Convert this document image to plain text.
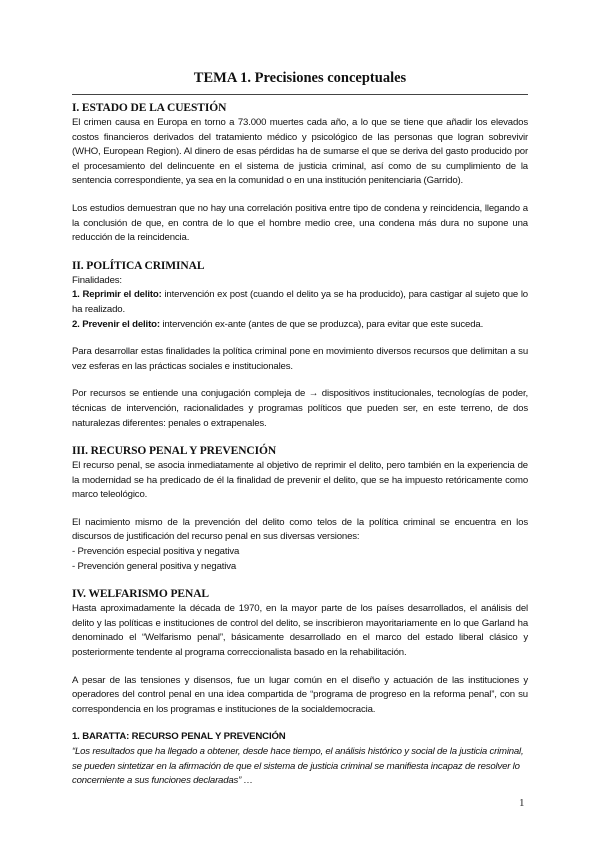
TEMA 1. Precisiones conceptuales
I. ESTADO DE LA CUESTIÓN

El crimen causa en Europa en torno a 73.000 muertes cada año, a lo que se tiene que añadir los elevados costos financieros derivados del tratamiento médico y psicológico de las personas que logran sobrevivir (WHO, European Region). Al dinero de esas pérdidas ha de sumarse el que se deriva del gasto producido por el procesamiento del delincuente en el sistema de justicia criminal, así como de su cumplimiento de la sentencia correspondiente, ya sea en la comunidad o en una institución penitenciaria (Garrido).

Los estudios demuestran que no hay una correlación positiva entre tipo de condena y reincidencia, llegando a la conclusión de que, en contra de lo que el hombre medio cree, una condena más dura no supone una reducción de la reincidencia.

II. POLÍTICA CRIMINAL

Finalidades:

1. Reprimir el delito: intervención ex post (cuando el delito ya se ha producido), para castigar al sujeto que lo ha realizado.

2. Prevenir el delito: intervención ex-ante (antes de que se produzca), para evitar que este suceda.

Para desarrollar estas finalidades la política criminal pone en movimiento diversos recursos que delimitan a su vez esferas en las prácticas sociales e institucionales.

Por recursos se entiende una conjugación compleja de → dispositivos institucionales, tecnologías de poder, técnicas de intervención, racionalidades y programas políticos que pueden ser, en este terreno, de dos naturalezas diferentes: penales o extrapenales.

III. RECURSO PENAL Y PREVENCIÓN

El recurso penal, se asocia inmediatamente al objetivo de reprimir el delito, pero también en la experiencia de la modernidad se ha predicado de él la finalidad de prevenir el delito, que se ha impuesto retóricamente como marco teleológico.

El nacimiento mismo de la prevención del delito como telos de la política criminal se encuentra en los discursos de justificación del recurso penal en sus diversas versiones:

- Prevención especial positiva y negativa

- Prevención general positiva y negativa

IV. WELFARISMO PENAL

Hasta aproximadamente la década de 1970, en la mayor parte de los países desarrollados, el análisis del delito y las políticas e instituciones de control del delito, se inscribieron mayoritariamente en lo que Garland ha denominado el “Welfarismo penal”, básicamente desarrollado en el marco del estado liberal clásico y posteriormente tendente al programa correccionalista basado en la rehabilitación.

A pesar de las tensiones y disensos, fue un lugar común en el diseño y actuación de las instituciones y operadores del control penal en una idea compartida de “programa de progreso en la reforma penal”, con su correspondencia en los programas e instituciones de la socialdemocracia.

1. BARATTA: RECURSO PENAL Y PREVENCIÓN

“Los resultados que ha llegado a obtener, desde hace tiempo, el análisis histórico y social de la justicia criminal, se pueden sintetizar en la afirmación de que el sistema de justicia criminal se manifiesta incapaz de resolver lo concerniente a sus funciones declaradas” …

1
